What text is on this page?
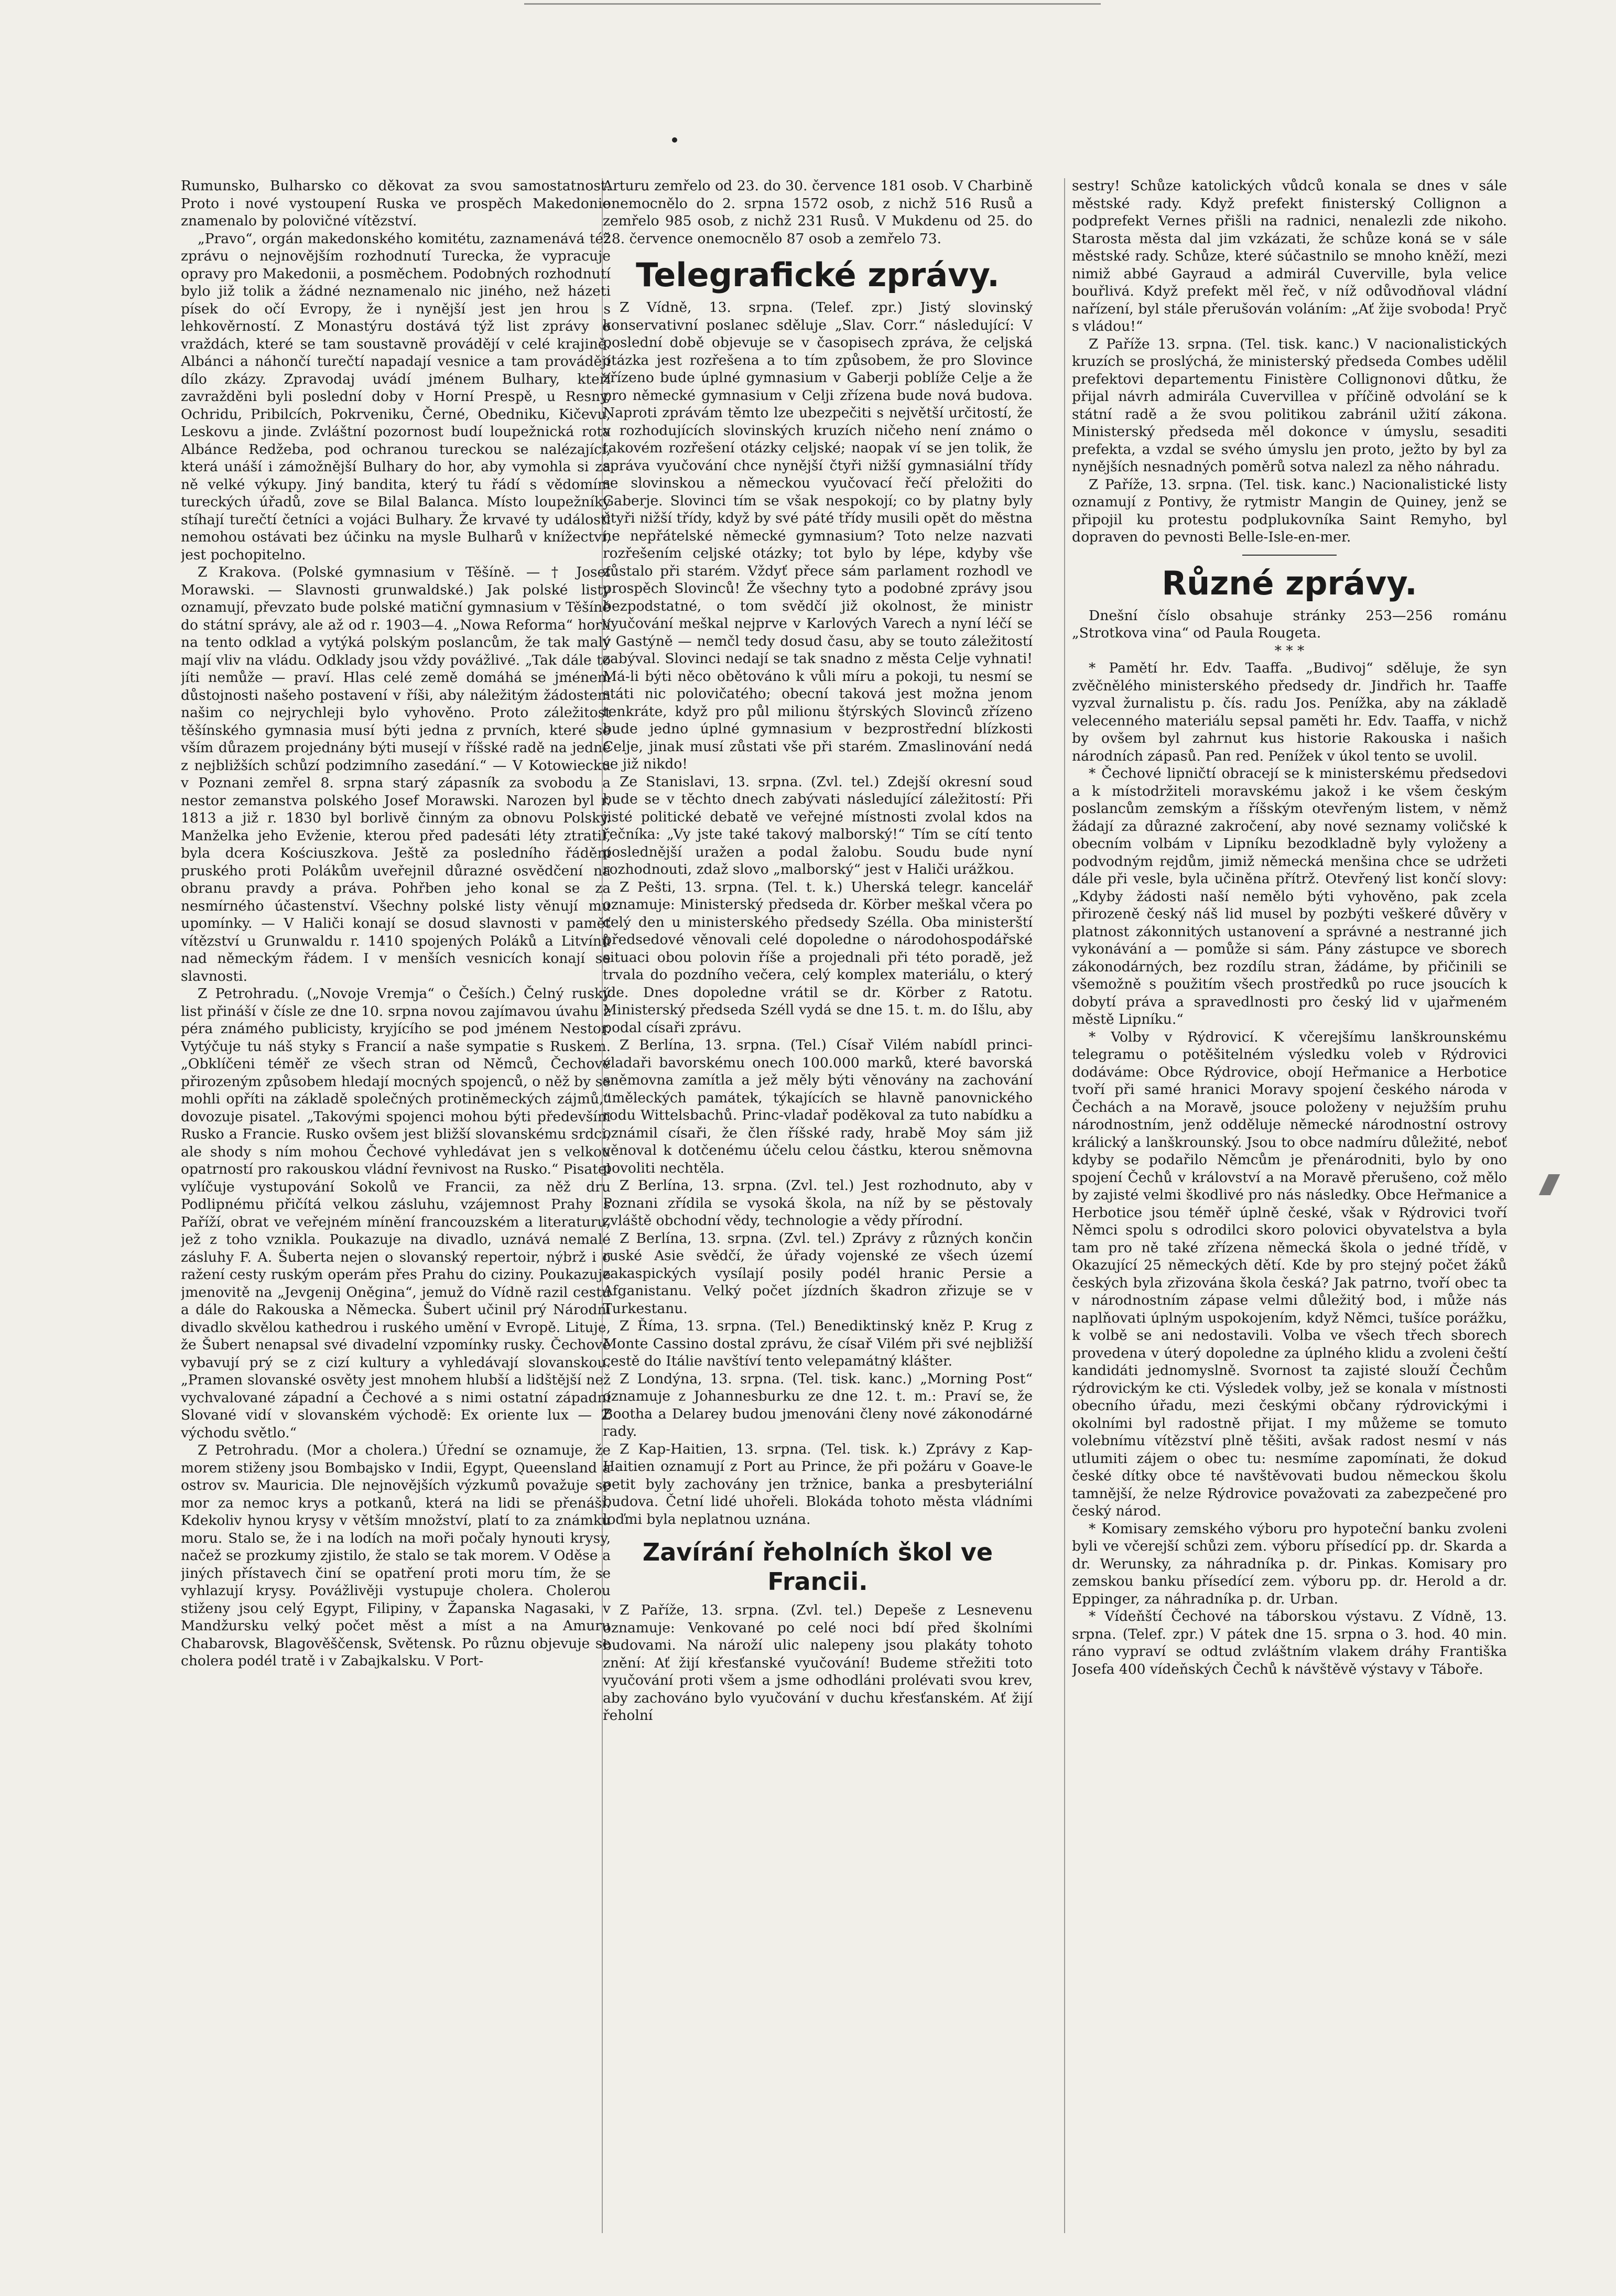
Rumunsko, Bulharsko co děkovat za svou samostatnost. Proto i nové vystoupení Ruska ve prospěch Makedonie znamenalo by polovičné vítězství.

„Pravo“, orgán makedonského komitétu, zaznamenává též zprávu o nejnovějším rozhodnutí Turecka, že vypracuje opravy pro Makedonii, a posměchem. Podobných rozhodnutí bylo již tolik a žádné neznamenalo nic jiného, než házeti písek do očí Evropy, že i nynější jest jen hrou s lehkověrností. Z Monastýru dostává týž list zprávy o vraždách, které se tam soustavně provádějí v celé krajině. Albánci a náhončí turečtí napadají vesnice a tam provádějí dílo zkázy. Zpravodaj uvádí jménem Bulhary, kteří zavražděni byli poslední doby v Horní Prespě, u Resny, Ochridu, Pribilcích, Pokrveniku, Černé, Obedniku, Kičevu, Leskovu a jinde. Zvláštní pozornost budí loupežnická rota Albánce Redžeba, pod ochranou tureckou se nalézající, která unáší i zámožnější Bulhary do hor, aby vymohla si za ně velké výkupy. Jiný bandita, který tu řádí s vědomím tureckých úřadů, zove se Bilal Balanca. Místo loupežníky stíhají turečtí četníci a vojáci Bulhary. Že krvavé ty události nemohou ostávati bez účinku na mysle Bulharů v knížectví, jest pochopitelno.

Z Krakova. (Polské gymnasium v Těšíně. — † Josef Morawski. — Slavnosti grunwaldské.) Jak polské listy oznamují, převzato bude polské matiční gymnasium v Těšíně do státní správy, ale až od r. 1903—4. „Nowa Reforma“ horlí na tento odklad a vytýká polským poslancům, že tak malý mají vliv na vládu. Odklady jsou vždy povážlivé. „Tak dále to jíti nemůže — praví. Hlas celé země domáhá se jménem důstojnosti našeho postavení v říši, aby náležitým žádostem našim co nejrychleji bylo vyhověno. Proto záležitost těšínského gymnasia musí býti jedna z prvních, které se vším důrazem projednány býti musejí v říšské radě na jedné z nejbližších schůzí podzimního zasedání.“ — V Kotowiecku v Poznani zemřel 8. srpna starý zápasník za svobodu a nestor zemanstva polského Josef Morawski. Narozen byl r. 1813 a již r. 1830 byl borlivě činným za obnovu Polsky. Manželka jeho Evženie, kterou před padesáti léty ztratil, byla dcera Kościuszkova. Ještě za posledního řádění pruského proti Polákům uveřejnil důrazné osvědčení na obranu pravdy a práva. Pohřben jeho konal se za nesmírného účastenství. Všechny polské listy věnují mu upomínky. — V Haliči konají se dosud slavnosti v paměť vítězství u Grunwaldu r. 1410 spojených Poláků a Litvínů nad německým řádem. I v menších vesnicích konají se slavnosti.

Z Petrohradu. („Novoje Vremja“ o Češích.) Čelný ruský list přináší v čísle ze dne 10. srpna novou zajímavou úvahu z péra známého publicisty, kryjícího se pod jménem Nestor. Vytýčuje tu náš styky s Francií a naše sympatie s Ruskem. „Obklíčeni téměř ze všech stran od Němců, Čechové přirozeným způsobem hledají mocných spojenců, o něž by se mohli opříti na základě společných protiněmeckých zájmů,“ dovozuje pisatel. „Takovými spojenci mohou býti především Rusko a Francie. Rusko ovšem jest bližší slovanskému srdci, ale shody s ním mohou Čechové vyhledávat jen s velkou opatrností pro rakouskou vládní řevnivost na Rusko.“ Pisatel vylíčuje vystupování Sokolů ve Francii, za něž dru Podlipnému přičítá velkou zásluhu, vzájemnost Prahy s Paříží, obrat ve veřejném mínění francouzském a literaturu, jež z toho vznikla. Poukazuje na divadlo, uznává nemalé zásluhy F. A. Šuberta nejen o slovanský repertoir, nýbrž i o ražení cesty ruským operám přes Prahu do ciziny. Poukazuje jmenovitě na „Jevgenij Oněgina“, jemuž do Vídně razil cestu a dále do Rakouska a Německa. Šubert učinil prý Národní divadlo skvělou kathedrou i ruského umění v Evropě. Lituje, že Šubert nenapsal své divadelní vzpomínky rusky. Čechové vybavují prý se z cizí kultury a vyhledávají slovanskou. „Pramen slovanské osvěty jest mnohem hlubší a lidštější než vychvalované západní a Čechové a s nimi ostatní západní Slované vidí v slovanském východě: Ex oriente lux — Z východu světlo.“

Z Petrohradu. (Mor a cholera.) Úřední se oznamuje, že morem stiženy jsou Bombajsko v Indii, Egypt, Queensland a ostrov sv. Mauricia. Dle nejnovějších výzkumů považuje se mor za nemoc krys a potkanů, která na lidi se přenáší. Kdekoliv hynou krysy v větším množství, platí to za známku moru. Stalo se, že i na lodích na moři počaly hynouti krysy, načež se prozkumy zjistilo, že stalo se tak morem. V Oděse a jiných přístavech činí se opatření proti moru tím, že se vyhlazují krysy. Povážlivěji vystupuje cholera. Cholerou stiženy jsou celý Egypt, Filipiny, v Žapanska Nagasaki, v Mandžursku velký počet měst a míst a na Amuru Chabarovsk, Blagověščensk, Světensk. Po různu objevuje se cholera podél tratě i v Zabajkalsku. V Port-

Arturu zemřelo od 23. do 30. července 181 osob. V Charbině onemocnělo do 2. srpna 1572 osob, z nichž 516 Rusů a zemřelo 985 osob, z nichž 231 Rusů. V Mukdenu od 25. do 28. července onemocnělo 87 osob a zemřelo 73.

Telegrafické zprávy.

Z Vídně, 13. srpna. (Telef. zpr.) Jistý slovinský konservativní poslanec sděluje „Slav. Corr.“ následující: V poslední době objevuje se v časopisech zpráva, že celjská otázka jest rozřešena a to tím způsobem, že pro Slovince zřízeno bude úplné gymnasium v Gaberji poblíže Celje a že pro německé gymnasium v Celji zřízena bude nová budova. Naproti zprávám těmto lze ubezpečiti s největší určitostí, že v rozhodujících slovinských kruzích ničeho není známo o takovém rozřešení otázky celjské; naopak ví se jen tolik, že správa vyučování chce nynější čtyři nižší gymnasiální třídy se slovinskou a německou vyučovací řečí přeložiti do Gaberje. Slovinci tím se však nespokojí; co by platny byly čtyři nižší třídy, když by své páté třídy musili opět do městna ne nepřátelské německé gymnasium? Toto nelze nazvati rozřešením celjské otázky; tot bylo by lépe, kdyby vše zůstalo při starém. Vždyť přece sám parlament rozhodl ve prospěch Slovinců! Že všechny tyto a podobné zprávy jsou bezpodstatné, o tom svědčí již okolnost, že ministr vyučování meškal nejprve v Karlových Varech a nyní léčí se v Gastýně — nemčl tedy dosud času, aby se touto záležitostí zabýval. Slovinci nedají se tak snadno z města Celje vyhnati! Má-li býti něco obětováno k vůli míru a pokoji, tu nesmí se státi nic polovičatého; obecní taková jest možna jenom tenkráte, když pro půl milionu štýrských Slovinců zřízeno bude jedno úplné gymnasium v bezprostřední blízkosti Celje, jinak musí zůstati vše při starém. Zmaslinování nedá se již nikdo!

Ze Stanislavi, 13. srpna. (Zvl. tel.) Zdejší okresní soud bude se v těchto dnech zabývati následující záležitostí: Při jisté politické debatě ve veřejné místnosti zvolal kdos na řečníka: „Vy jste také takový malborský!“ Tím se cítí tento poslednější uražen a podal žalobu. Soudu bude nyní rozhodnouti, zdaž slovo „malborský“ jest v Haliči urážkou.

Z Pešti, 13. srpna. (Tel. t. k.) Uherská telegr. kancelář oznamuje: Ministerský předseda dr. Körber meškal včera po celý den u ministerského předsedy Szélla. Oba ministerští předsedové věnovali celé dopoledne o národohospodářské situaci obou polovin říše a projednali při této poradě, jež trvala do pozdního večera, celý komplex materiálu, o který jde. Dnes dopoledne vrátil se dr. Körber z Ratotu. Ministerský předseda Széll vydá se dne 15. t. m. do Išlu, aby podal císaři zprávu.

Z Berlína, 13. srpna. (Tel.) Císař Vilém nabídl princi-vladaři bavorskému onech 100.000 marků, které bavorská sněmovna zamítla a jež měly býti věnovány na zachování uměleckých památek, týkajících se hlavně panovnického rodu Wittelsbachů. Princ-vladař poděkoval za tuto nabídku a oznámil císaři, že člen říšské rady, hrabě Moy sám již věnoval k dotčenému účelu celou částku, kterou sněmovna povoliti nechtěla.

Z Berlína, 13. srpna. (Zvl. tel.) Jest rozhodnuto, aby v Poznani zřídila se vysoká škola, na níž by se pěstovaly zvláště obchodní vědy, technologie a vědy přírodní.

Z Berlína, 13. srpna. (Zvl. tel.) Zprávy z různých končin ruské Asie svědčí, že úřady vojenské ze všech území zakaspických vysílají posily podél hranic Persie a Afganistanu. Velký počet jízdních škadron zřizuje se v Turkestanu.

Z Říma, 13. srpna. (Tel.) Benediktinský kněz P. Krug z Monte Cassino dostal zprávu, že císař Vilém při své nejbližší cestě do Itálie navštíví tento velepamátný klášter.

Z Londýna, 13. srpna. (Tel. tisk. kanc.) „Morning Post“ oznamuje z Johannesburku ze dne 12. t. m.: Praví se, že Bootha a Delarey budou jmenováni členy nové zákonodárné rady.

Z Kap-Haitien, 13. srpna. (Tel. tisk. k.) Zprávy z Kap-Haitien oznamují z Port au Prince, že při požáru v Goave-le petit byly zachovány jen tržnice, banka a presbyteriální budova. Četní lidé uhořeli. Blokáda tohoto města vládními loďmi byla neplatnou uznána.

Zavírání řeholních škol ve Francii.

Z Paříže, 13. srpna. (Zvl. tel.) Depeše z Lesnevenu oznamuje: Venkované po celé noci bdí před školními budovami. Na nároží ulic nalepeny jsou plakáty tohoto znění: Ať žijí křesťanské vyučování! Budeme střežiti toto vyučování proti všem a jsme odhodláni prolévati svou krev, aby zachováno bylo vyučování v duchu křesťanském. Ať žijí řeholní

sestry! Schůze katolických vůdců konala se dnes v sále městské rady. Když prefekt finisterský Collignon a podprefekt Vernes přišli na radnici, nenalezli zde nikoho. Starosta města dal jim vzkázati, že schůze koná se v sále městské rady. Schůze, které súčastnilo se mnoho kněží, mezi nimiž abbé Gayraud a admirál Cuverville, byla velice bouřlivá. Když prefekt měl řeč, v níž odůvodňoval vládní nařízení, byl stále přerušován voláním: „Ať žije svoboda! Pryč s vládou!“

Z Paříže 13. srpna. (Tel. tisk. kanc.) V nacionalistických kruzích se proslýchá, že ministerský předseda Combes udělil prefektovi departementu Finistère Collignonovi důtku, že přijal návrh admirála Cuvervillea v příčině odvolání se k státní radě a že svou politikou zabránil užití zákona. Ministerský předseda měl dokonce v úmyslu, sesaditi prefekta, a vzdal se svého úmyslu jen proto, ježto by byl za nynějších nesnadných poměrů sotva nalezl za něho náhradu.

Z Paříže, 13. srpna. (Tel. tisk. kanc.) Nacionalistické listy oznamují z Pontivy, že rytmistr Mangin de Quiney, jenž se připojil ku protestu podplukovníka Saint Remyho, byl dopraven do pevnosti Belle-Isle-en-mer.

Různé zprávy.

Dnešní číslo obsahuje stránky 253—256 románu „Strotkova vina“ od Paula Rougeta.

* * *

* Pamětí hr. Edv. Taaffa. „Budivoj“ sděluje, že syn zvěčnělého ministerského předsedy dr. Jindřich hr. Taaffe vyzval žurnalistu p. čís. radu Jos. Penížka, aby na základě velecenného materiálu sepsal paměti hr. Edv. Taaffa, v nichž by ovšem byl zahrnut kus historie Rakouska i našich národních zápasů. Pan red. Penížek v úkol tento se uvolil.

* Čechové lipničtí obracejí se k ministerskému předsedovi a k místodržiteli moravskému jakož i ke všem českým poslancům zemským a říšským otevřeným listem, v němž žádají za důrazné zakročení, aby nové seznamy voličské k obecním volbám v Lipníku bezodkladně byly vyloženy a podvodným rejdům, jimiž německá menšina chce se udržeti dále při vesle, byla učiněna přítrž. Otevřený list končí slovy: „Kdyby žádosti naší nemělo býti vyhověno, pak zcela přirozeně český náš lid musel by pozbýti veškeré důvěry v platnost zákonnitých ustanovení a správné a nestranné jich vykonávání a — pomůže si sám. Pány zástupce ve sborech zákonodárných, bez rozdílu stran, žádáme, by přičinili se všemožně s použitím všech prostředků po ruce jsoucích k dobytí práva a spravedlnosti pro český lid v ujařmeném městě Lipníku.“

* Volby v Rýdrovicí. K včerejšímu lanškrounskému telegramu o potěšitelném výsledku voleb v Rýdrovici dodáváme: Obce Rýdrovice, obojí Heřmanice a Herbotice tvoří při samé hranici Moravy spojení českého národa v Čechách a na Moravě, jsouce položeny v nejužším pruhu národnostním, jenž odděluje německé národnostní ostrovy králický a lanškrounský. Jsou to obce nadmíru důležité, neboť kdyby se podařilo Němcům je přenárodniti, bylo by ono spojení Čechů v království a na Moravě přerušeno, což mělo by zajisté velmi škodlivé pro nás následky. Obce Heřmanice a Herbotice jsou téměř úplně české, však v Rýdrovici tvoří Němci spolu s odrodilci skoro polovici obyvatelstva a byla tam pro ně také zřízena německá škola o jedné třídě, v Okazující 25 německých dětí. Kde by pro stejný počet žáků českých byla zřizována škola česká? Jak patrno, tvoří obec ta v národnostním zápase velmi důležitý bod, i může nás naplňovati úplným uspokojením, když Němci, tušíce porážku, k volbě se ani nedostavili. Volba ve všech třech sborech provedena v úterý dopoledne za úplného klidu a zvoleni čeští kandidáti jednomyslně. Svornost ta zajisté slouží Čechům rýdrovickým ke cti. Výsledek volby, jež se konala v místnosti obecního úřadu, mezi českými občany rýdrovickými i okolními byl radostně přijat. I my můžeme se tomuto volebnímu vítězství plně těšiti, avšak radost nesmí v nás utlumiti zájem o obec tu: nesmíme zapomínati, že dokud české dítky obce té navštěvovati budou německou školu tamnější, že nelze Rýdrovice považovati za zabezpečené pro český národ.

* Komisary zemského výboru pro hypoteční banku zvoleni byli ve včerejší schůzi zem. výboru přísedící pp. dr. Skarda a dr. Werunsky, za náhradníka p. dr. Pinkas. Komisary pro zemskou banku přísedící zem. výboru pp. dr. Herold a dr. Eppinger, za náhradníka p. dr. Urban.

* Vídeňští Čechové na táborskou výstavu. Z Vídně, 13. srpna. (Telef. zpr.) V pátek dne 15. srpna o 3. hod. 40 min. ráno vypraví se odtud zvláštním vlakem dráhy Františka Josefa 400 vídeňských Čechů k návštěvě výstavy v Táboře.
